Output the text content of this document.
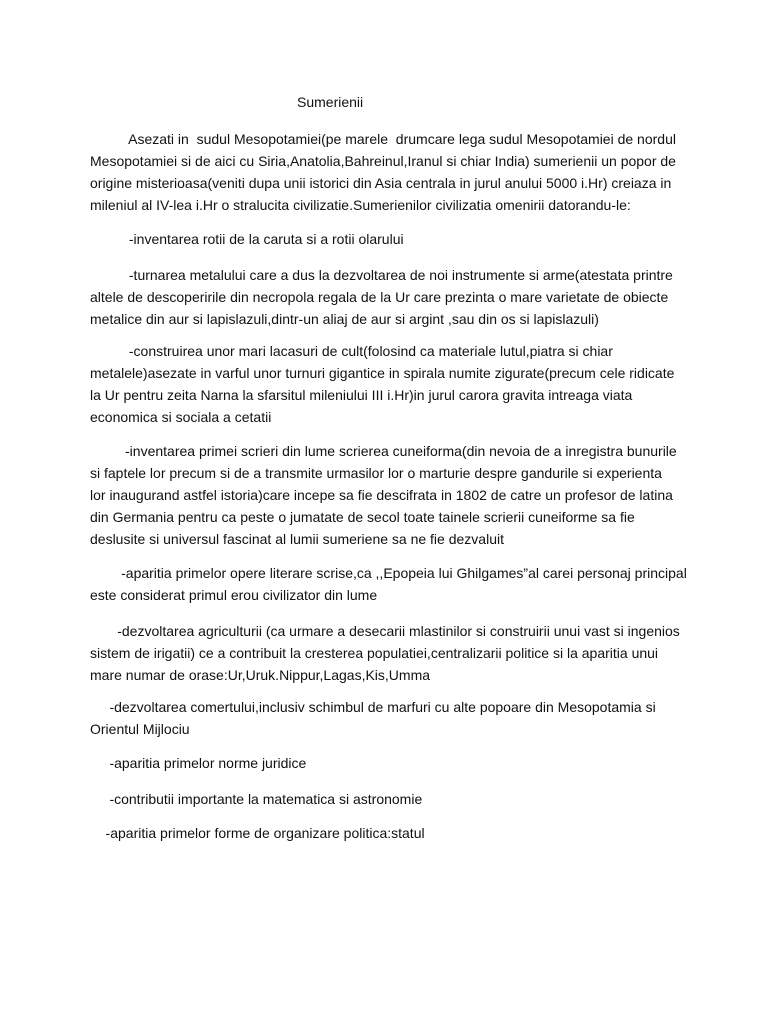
Sumerienii
Asezati in  sudul Mesopotamiei(pe marele  drumcare lega sudul Mesopotamiei de nordul
Mesopotamiei si de aici cu Siria,Anatolia,Bahreinul,Iranul si chiar India) sumerienii un popor de
origine misterioasa(veniti dupa unii istorici din Asia centrala in jurul anului 5000 i.Hr) creiaza in
mileniul al IV-lea i.Hr o stralucita civilizatie.Sumerienilor civilizatia omenirii datorandu-le:
-inventarea rotii de la caruta si a rotii olarului
-turnarea metalului care a dus la dezvoltarea de noi instrumente si arme(atestata printre
altele de descoperirile din necropola regala de la Ur care prezinta o mare varietate de obiecte
metalice din aur si lapislazuli,dintr-un aliaj de aur si argint ,sau din os si lapislazuli)
-construirea unor mari lacasuri de cult(folosind ca materiale lutul,piatra si chiar
metalele)asezate in varful unor turnuri gigantice in spirala numite zigurate(precum cele ridicate
la Ur pentru zeita Narna la sfarsitul mileniului III i.Hr)in jurul carora gravita intreaga viata
economica si sociala a cetatii
-inventarea primei scrieri din lume scrierea cuneiforma(din nevoia de a inregistra bunurile
si faptele lor precum si de a transmite urmasilor lor o marturie despre gandurile si experienta
lor inaugurand astfel istoria)care incepe sa fie descifrata in 1802 de catre un profesor de latina
din Germania pentru ca peste o jumatate de secol toate tainele scrierii cuneiforme sa fie
deslusite si universul fascinat al lumii sumeriene sa ne fie dezvaluit
-aparitia primelor opere literare scrise,ca ,,Epopeia lui Ghilgames”al carei personaj principal
este considerat primul erou civilizator din lume
-dezvoltarea agriculturii (ca urmare a desecarii mlastinilor si construirii unui vast si ingenios
sistem de irigatii) ce a contribuit la cresterea populatiei,centralizarii politice si la aparitia unui
mare numar de orase:Ur,Uruk.Nippur,Lagas,Kis,Umma
-dezvoltarea comertului,inclusiv schimbul de marfuri cu alte popoare din Mesopotamia si
Orientul Mijlociu
-aparitia primelor norme juridice
-contributii importante la matematica si astronomie
-aparitia primelor forme de organizare politica:statul
